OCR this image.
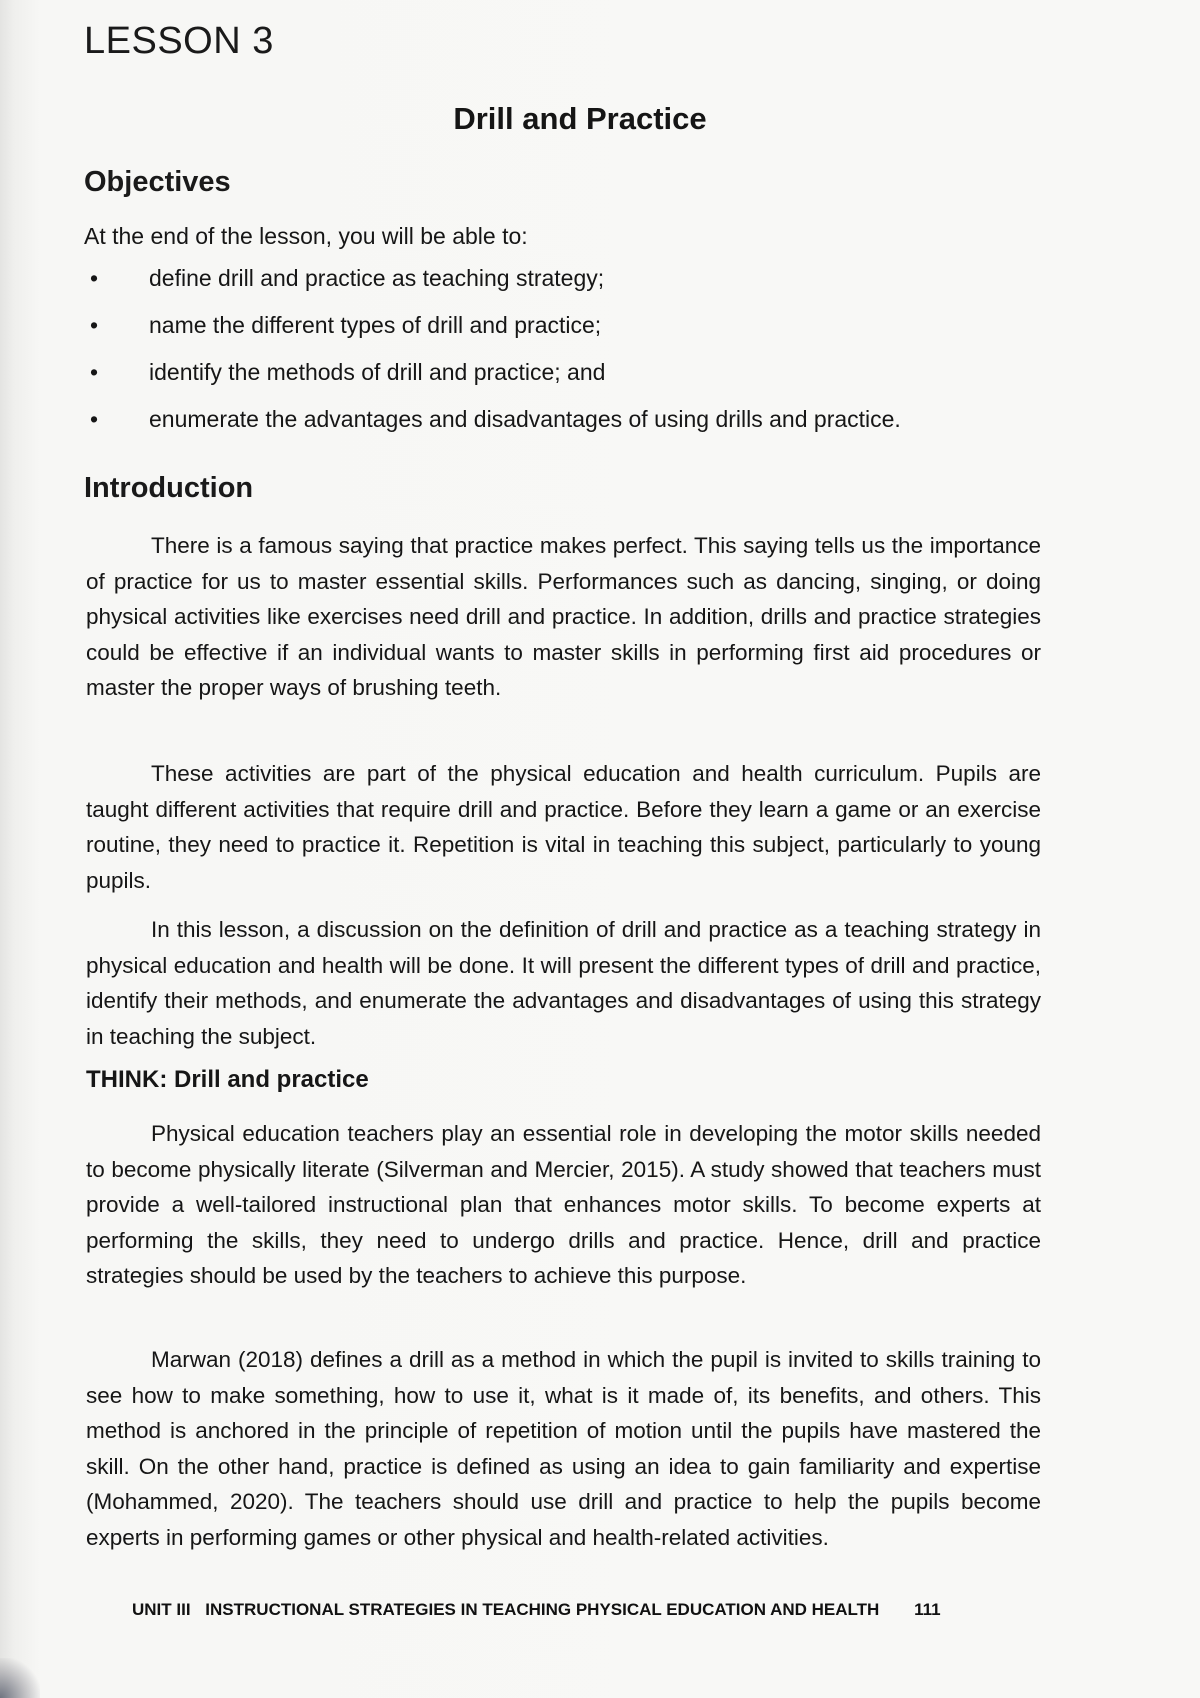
LESSON 3
Drill and Practice
Objectives

At the end of the lesson, you will be able to:

• define drill and practice as teaching strategy;
• name the different types of drill and practice;
• identify the methods of drill and practice; and
• enumerate the advantages and disadvantages of using drills and practice.
Introduction

There is a famous saying that practice makes perfect. This saying tells us the importance of practice for us to master essential skills. Performances such as dancing, singing, or doing physical activities like exercises need drill and practice. In addition, drills and practice strategies could be effective if an individual wants to master skills in performing first aid procedures or master the proper ways of brushing teeth.

These activities are part of the physical education and health curriculum. Pupils are taught different activities that require drill and practice. Before they learn a game or an exercise routine, they need to practice it. Repetition is vital in teaching this subject, particularly to young pupils.

In this lesson, a discussion on the definition of drill and practice as a teaching strategy in physical education and health will be done. It will present the different types of drill and practice, identify their methods, and enumerate the advantages and disadvantages of using this strategy in teaching the subject.

THINK: Drill and practice

Physical education teachers play an essential role in developing the motor skills needed to become physically literate (Silverman and Mercier, 2015). A study showed that teachers must provide a well-tailored instructional plan that enhances motor skills. To become experts at performing the skills, they need to undergo drills and practice. Hence, drill and practice strategies should be used by the teachers to achieve this purpose.

Marwan (2018) defines a drill as a method in which the pupil is invited to skills training to see how to make something, how to use it, what is it made of, its benefits, and others. This method is anchored in the principle of repetition of motion until the pupils have mastered the skill. On the other hand, practice is defined as using an idea to gain familiarity and expertise (Mohammed, 2020). The teachers should use drill and practice to help the pupils become experts in performing games or other physical and health-related activities.

UNIT III INSTRUCTIONAL STRATEGIES IN TEACHING PHYSICAL EDUCATION AND HEALTH 111
